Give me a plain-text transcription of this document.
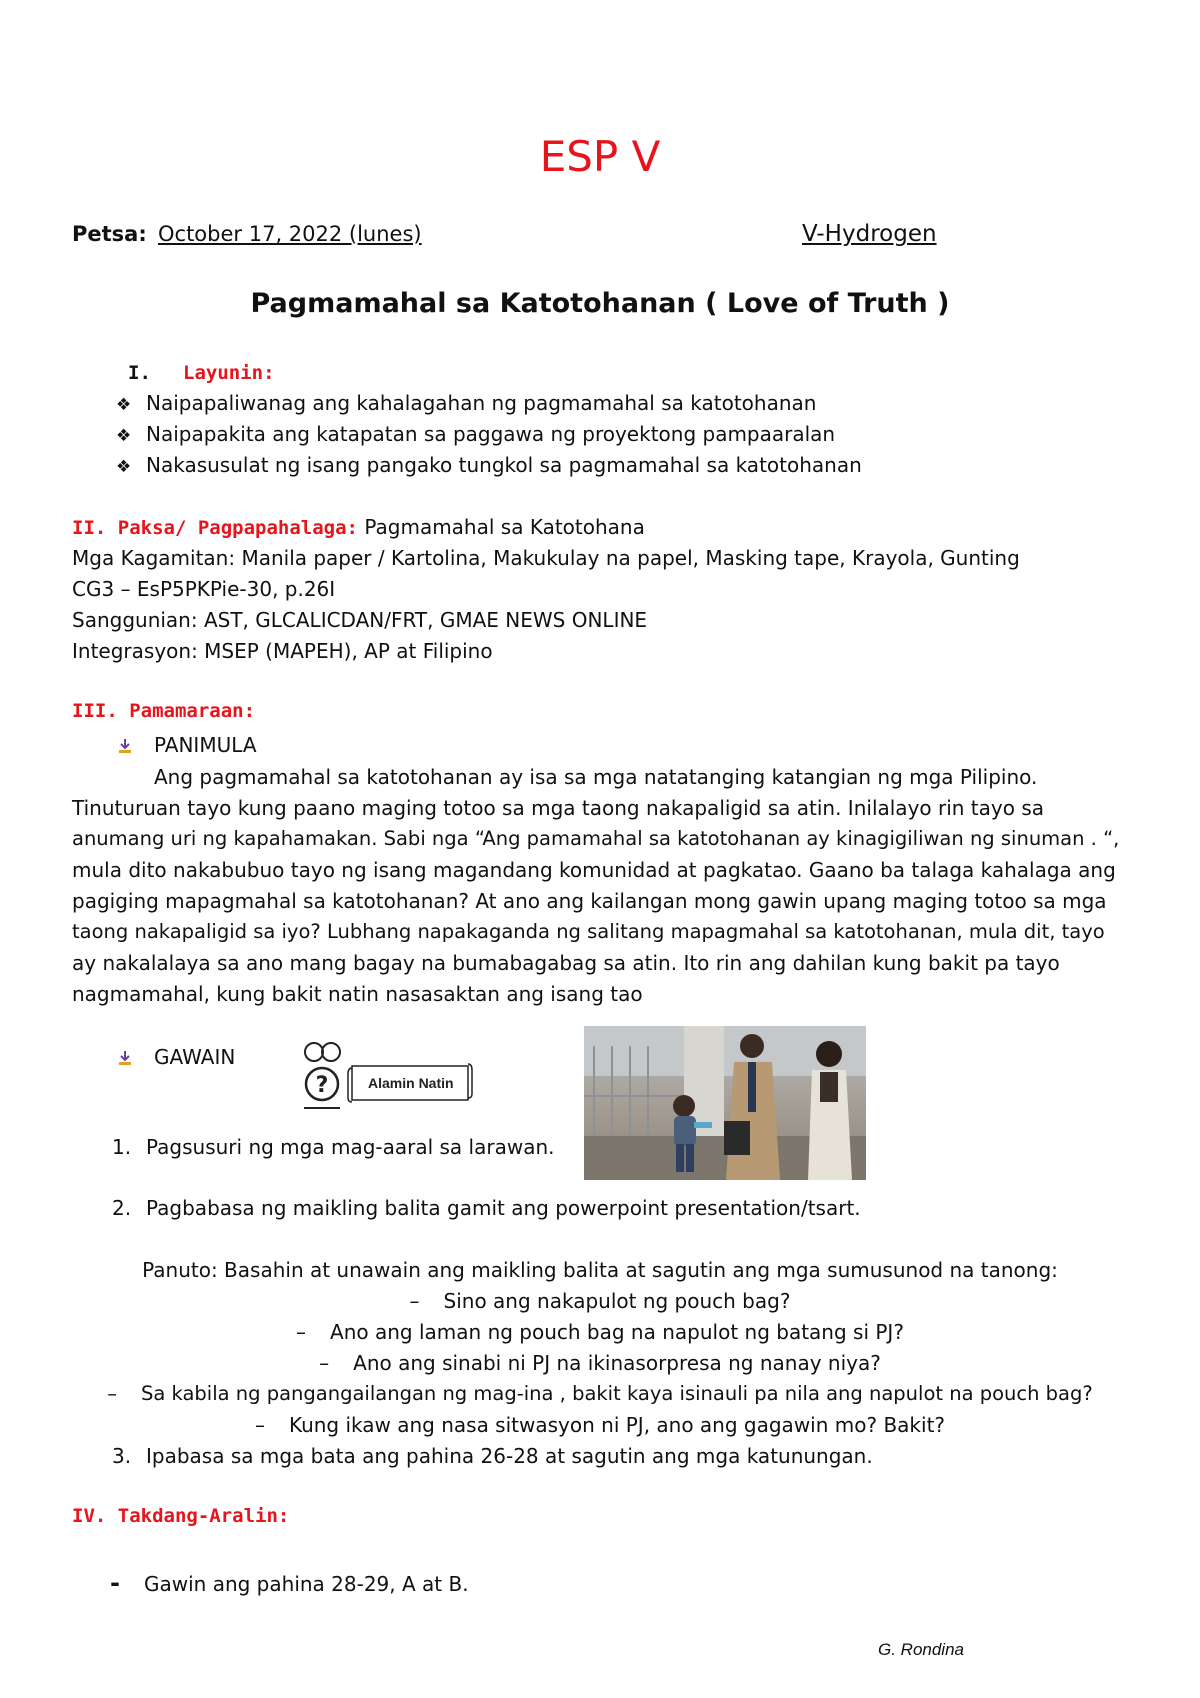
ESP V
Petsa: October 17, 2022 (lunes)	V-Hydrogen
Pagmamahal sa Katotohanan ( Love of Truth )
I. Layunin:
❖ Naipapaliwanag ang kahalagahan ng pagmamahal sa katotohanan
❖ Naipapakita ang katapatan sa paggawa ng proyektong pampaaralan
❖ Nakasusulat ng isang pangako tungkol sa pagmamahal sa katotohanan
II. Paksa/ Pagpapahalaga: Pagmamahal sa Katotohana
Mga Kagamitan: Manila paper / Kartolina, Makukulay na papel, Masking tape, Krayola, Gunting
CG3 – EsP5PKPie-30, p.26I
Sanggunian: AST, GLCALICDAN/FRT, GMAE NEWS ONLINE
Integrasyon: MSEP (MAPEH), AP at Filipino
III. Pamamaraan:
PANIMULA
Ang pagmamahal sa katotohanan ay isa sa mga natatanging katangian ng mga Pilipino.
Tinuturuan tayo kung paano maging totoo sa mga taong nakapaligid sa atin. Inilalayo rin tayo sa
anumang uri ng kapahamakan. Sabi nga “Ang pamamahal sa katotohanan ay kinagigiliwan ng sinuman . “,
mula dito nakabubuo tayo ng isang magandang komunidad at pagkatao. Gaano ba talaga kahalaga ang
pagiging mapagmahal sa katotohanan? At ano ang kailangan mong gawin upang maging totoo sa mga
taong nakapaligid sa iyo? Lubhang napakaganda ng salitang mapagmahal sa katotohanan, mula dit, tayo
ay nakalalaya sa ano mang bagay na bumabagabag sa atin. Ito rin ang dahilan kung bakit pa tayo
nagmamahal, kung bakit natin nasasaktan ang isang tao
GAWAIN
?	Alamin Natin
1. Pagsusuri ng mga mag-aaral sa larawan.
2. Pagbabasa ng maikling balita gamit ang powerpoint presentation/tsart.
Panuto: Basahin at unawain ang maikling balita at sagutin ang mga sumusunod na tanong:
– Sino ang nakapulot ng pouch bag?
– Ano ang laman ng pouch bag na napulot ng batang si PJ?
– Ano ang sinabi ni PJ na ikinasorpresa ng nanay niya?
– Sa kabila ng pangangailangan ng mag-ina , bakit kaya isinauli pa nila ang napulot na pouch bag?
– Kung ikaw ang nasa sitwasyon ni PJ, ano ang gagawin mo? Bakit?
3. Ipabasa sa mga bata ang pahina 26-28 at sagutin ang mga katunungan.
IV. Takdang-Aralin:
- Gawin ang pahina 28-29, A at B.
G. Rondina
